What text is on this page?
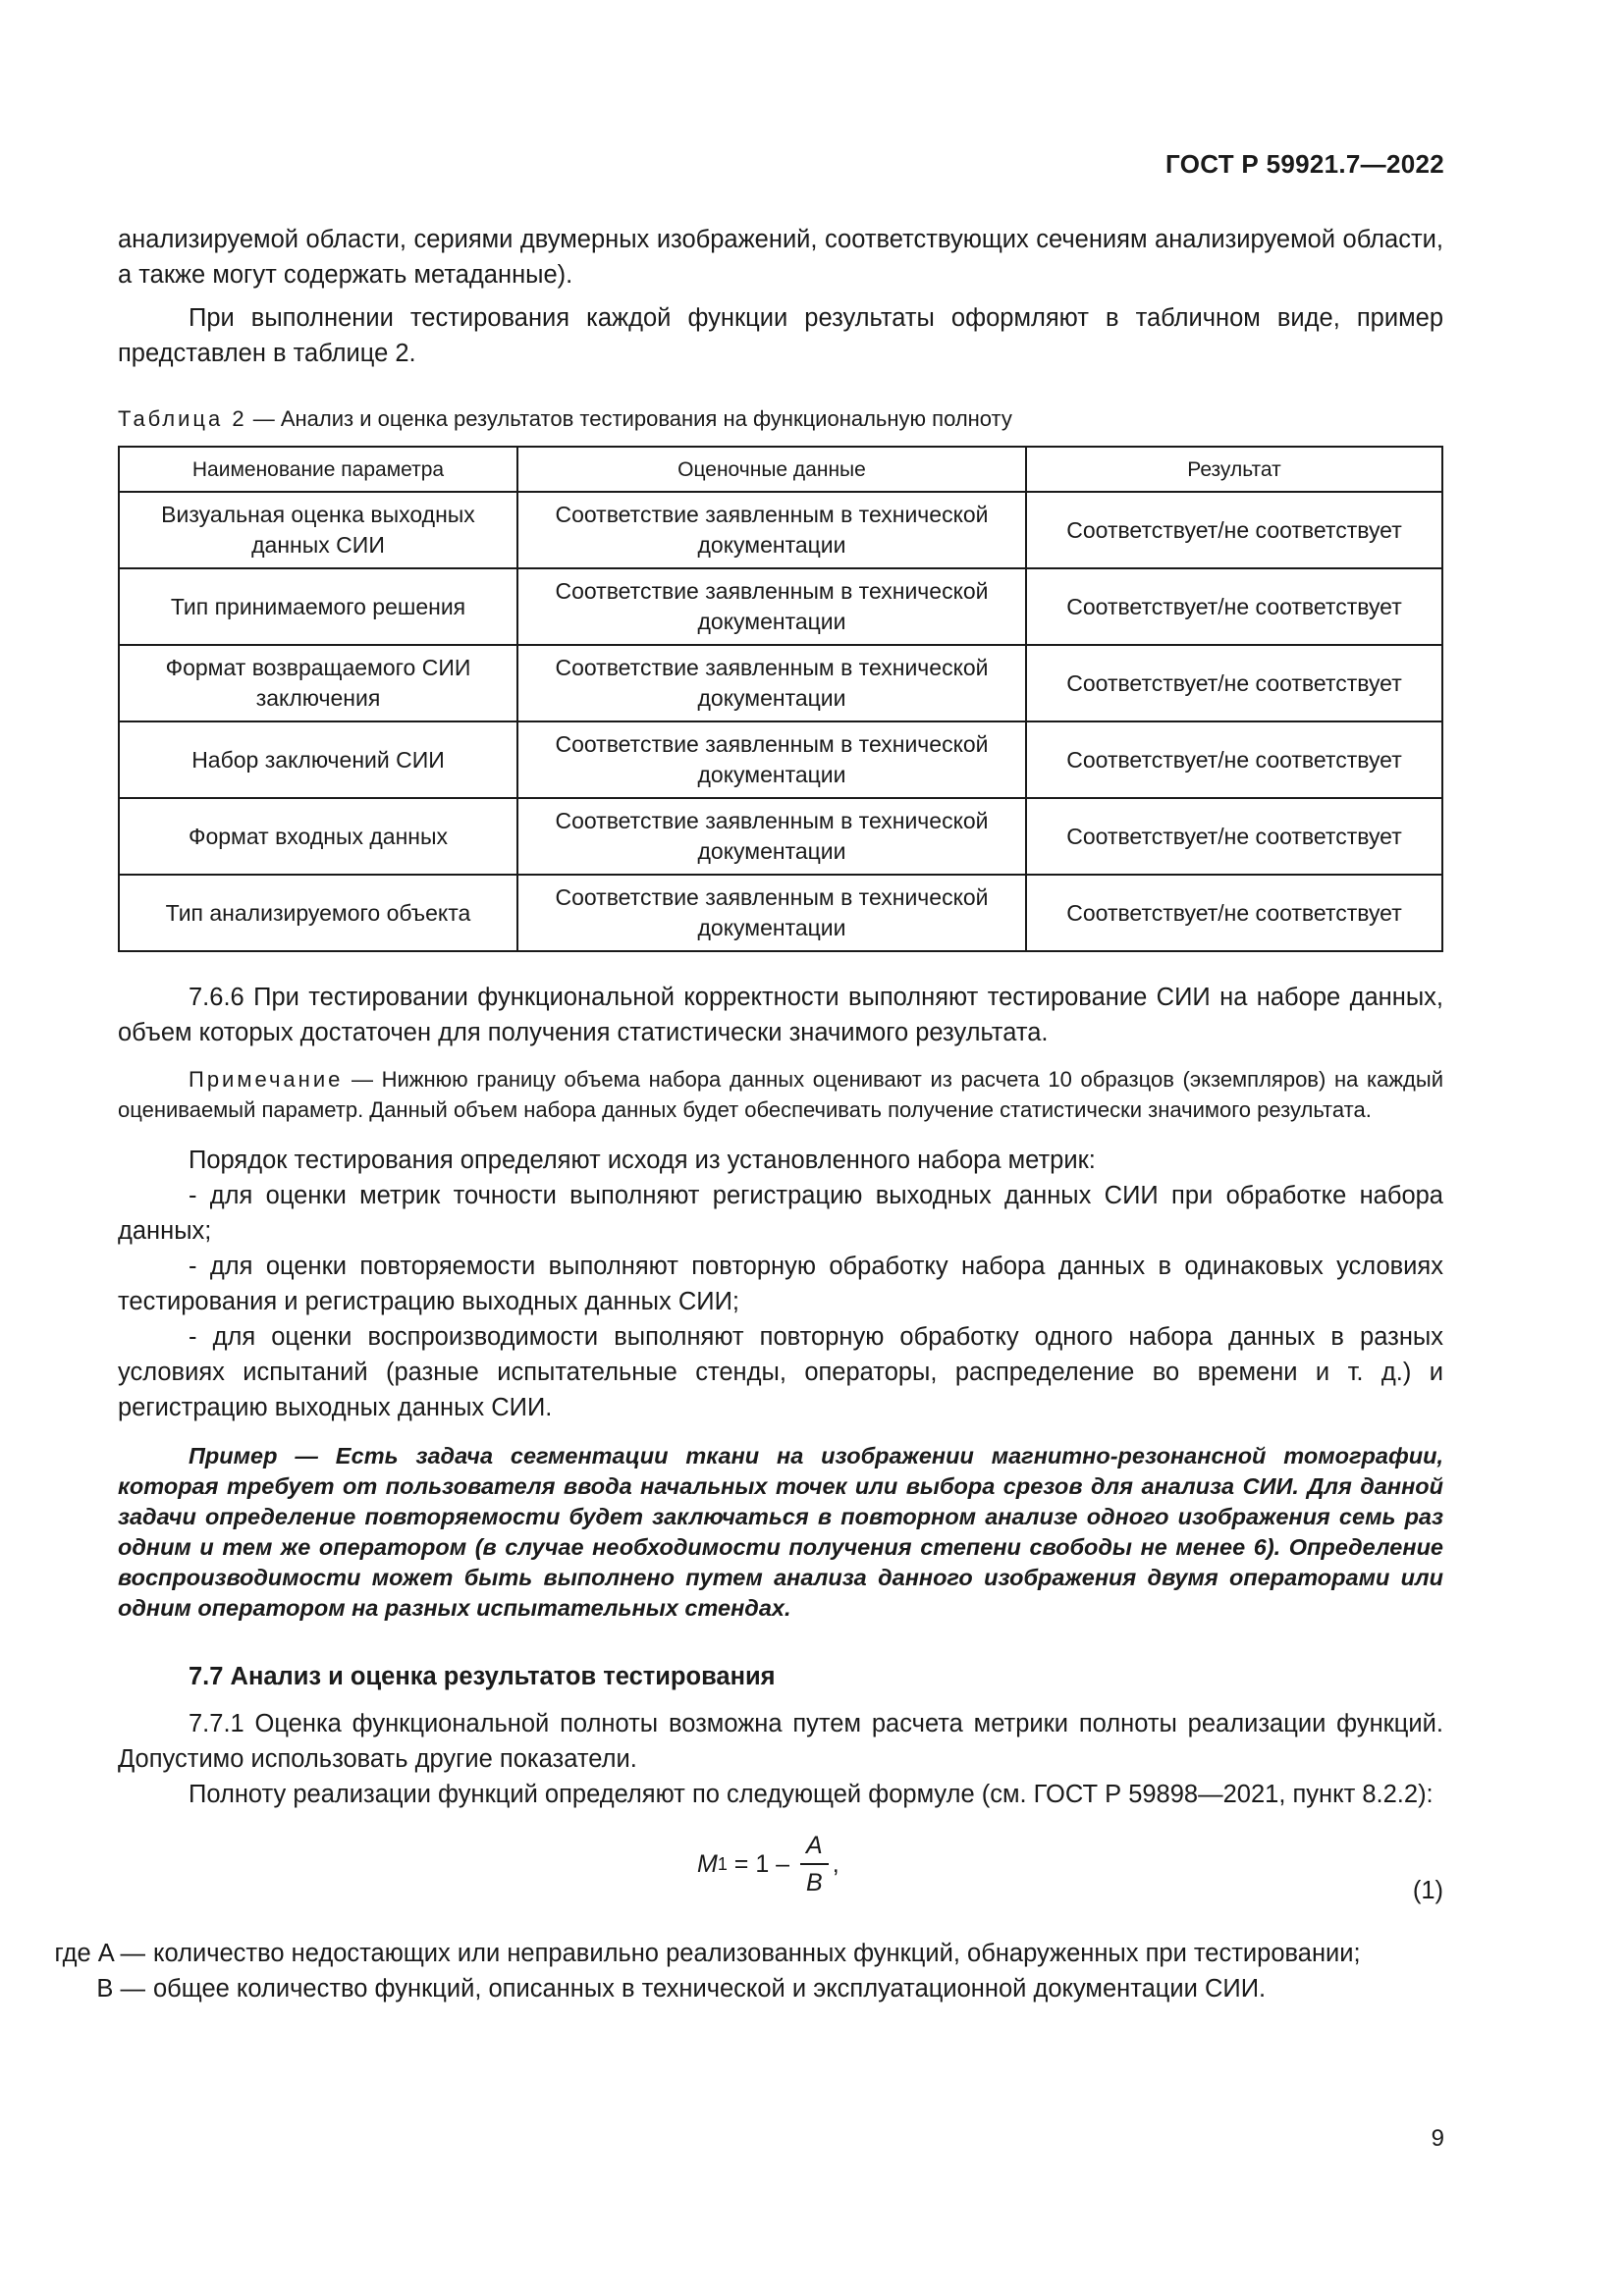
ГОСТ Р 59921.7—2022

анализируемой области, сериями двумерных изображений, соответствующих сечениям анализируемой области, а также могут содержать метаданные).

При выполнении тестирования каждой функции результаты оформляют в табличном виде, пример представлен в таблице 2.

Таблица 2 — Анализ и оценка результатов тестирования на функциональную полноту
Наименование параметра	Оценочные данные	Результат
Визуальная оценка выходных данных СИИ	Соответствие заявленным в технической документации	Соответствует/не соответствует
Тип принимаемого решения	Соответствие заявленным в технической документации	Соответствует/не соответствует
Формат возвращаемого СИИ заключения	Соответствие заявленным в технической документации	Соответствует/не соответствует
Набор заключений СИИ	Соответствие заявленным в технической документации	Соответствует/не соответствует
Формат входных данных	Соответствие заявленным в технической документации	Соответствует/не соответствует
Тип анализируемого объекта	Соответствие заявленным в технической документации	Соответствует/не соответствует

7.6.6 При тестировании функциональной корректности выполняют тестирование СИИ на наборе данных, объем которых достаточен для получения статистически значимого результата.

Примечание — Нижнюю границу объема набора данных оценивают из расчета 10 образцов (экземпляров) на каждый оцениваемый параметр. Данный объем набора данных будет обеспечивать получение статистически значимого результата.

Порядок тестирования определяют исходя из установленного набора метрик:

- для оценки метрик точности выполняют регистрацию выходных данных СИИ при обработке набора данных;

- для оценки повторяемости выполняют повторную обработку набора данных в одинаковых условиях тестирования и регистрацию выходных данных СИИ;

- для оценки воспроизводимости выполняют повторную обработку одного набора данных в разных условиях испытаний (разные испытательные стенды, операторы, распределение во времени и т. д.) и регистрацию выходных данных СИИ.

Пример — Есть задача сегментации ткани на изображении магнитно-резонансной томографии, которая требует от пользователя ввода начальных точек или выбора срезов для анализа СИИ. Для данной задачи определение повторяемости будет заключаться в повторном анализе одного изображения семь раз одним и тем же оператором (в случае необходимости получения степени свободы не менее 6). Определение воспроизводимости может быть выполнено путем анализа данного изображения двумя операторами или одним оператором на разных испытательных стендах.
7.7 Анализ и оценка результатов тестирования

7.7.1 Оценка функциональной полноты возможна путем расчета метрики полноты реализации функций. Допустимо использовать другие показатели.

Полноту реализации функций определяют по следующей формуле (см. ГОСТ Р 59898—2021, пункт 8.2.2):

M $1 = 1 - \frac{A}{B}$ ,
(1)
где A — количество недостающих или неправильно реализованных функций, обнаруженных при тестировании;
B — общее количество функций, описанных в технической и эксплуатационной документации СИИ.
9
